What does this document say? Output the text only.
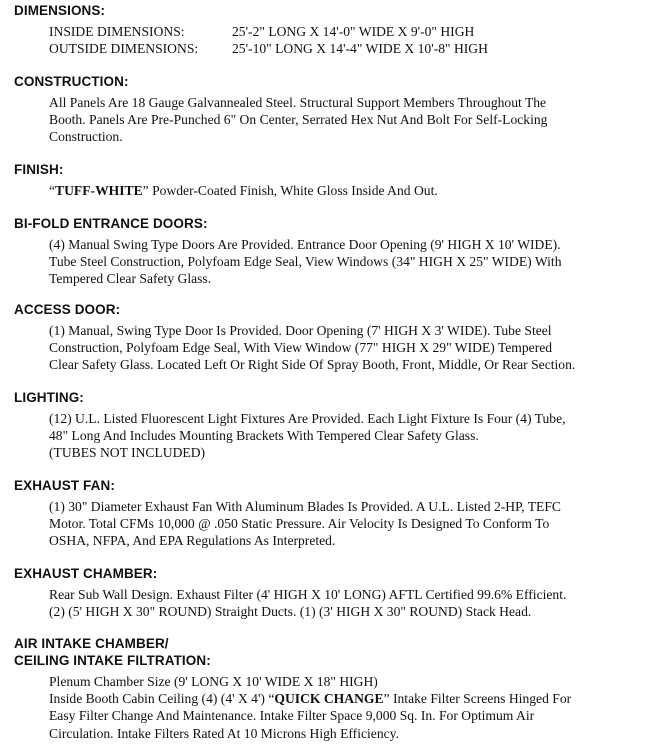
DIMENSIONS:
INSIDE DIMENSIONS:	25'-2" LONG X 14'-0" WIDE X 9'-0" HIGH
OUTSIDE DIMENSIONS: 25'-10" LONG X 14'-4" WIDE X 10'-8" HIGH
CONSTRUCTION:
All Panels Are 18 Gauge Galvannealed Steel. Structural Support Members Throughout The
Booth. Panels Are Pre-Punched 6" On Center, Serrated Hex Nut And Bolt For Self-Locking
Construction.
FINISH:
“TUFF-WHITE” Powder-Coated Finish, White Gloss Inside And Out.
BI-FOLD ENTRANCE DOORS:
(4) Manual Swing Type Doors Are Provided. Entrance Door Opening (9' HIGH X 10' WIDE).
Tube Steel Construction, Polyfoam Edge Seal, View Windows (34" HIGH X 25" WIDE) With
Tempered Clear Safety Glass.
ACCESS DOOR:
(1) Manual, Swing Type Door Is Provided. Door Opening (7' HIGH X 3' WIDE). Tube Steel
Construction, Polyfoam Edge Seal, With View Window (77" HIGH X 29" WIDE) Tempered
Clear Safety Glass. Located Left Or Right Side Of Spray Booth, Front, Middle, Or Rear Section.
LIGHTING:
(12) U.L. Listed Fluorescent Light Fixtures Are Provided. Each Light Fixture Is Four (4) Tube,
48" Long And Includes Mounting Brackets With Tempered Clear Safety Glass.
(TUBES NOT INCLUDED)
EXHAUST FAN:
(1) 30" Diameter Exhaust Fan With Aluminum Blades Is Provided. A U.L. Listed 2-HP, TEFC
Motor. Total CFMs 10,000 @ .050 Static Pressure. Air Velocity Is Designed To Conform To
OSHA, NFPA, And EPA Regulations As Interpreted.
EXHAUST CHAMBER:
Rear Sub Wall Design. Exhaust Filter (4' HIGH X 10' LONG) AFTL Certified 99.6% Efficient.
(2) (5' HIGH X 30" ROUND) Straight Ducts. (1) (3' HIGH X 30" ROUND) Stack Head.
AIR INTAKE CHAMBER/
CEILING INTAKE FILTRATION:
Plenum Chamber Size (9' LONG X 10' WIDE X 18" HIGH)
Inside Booth Cabin Ceiling (4) (4' X 4') “QUICK CHANGE” Intake Filter Screens Hinged For
Easy Filter Change And Maintenance. Intake Filter Space 9,000 Sq. In. For Optimum Air
Circulation. Intake Filters Rated At 10 Microns High Efficiency.
